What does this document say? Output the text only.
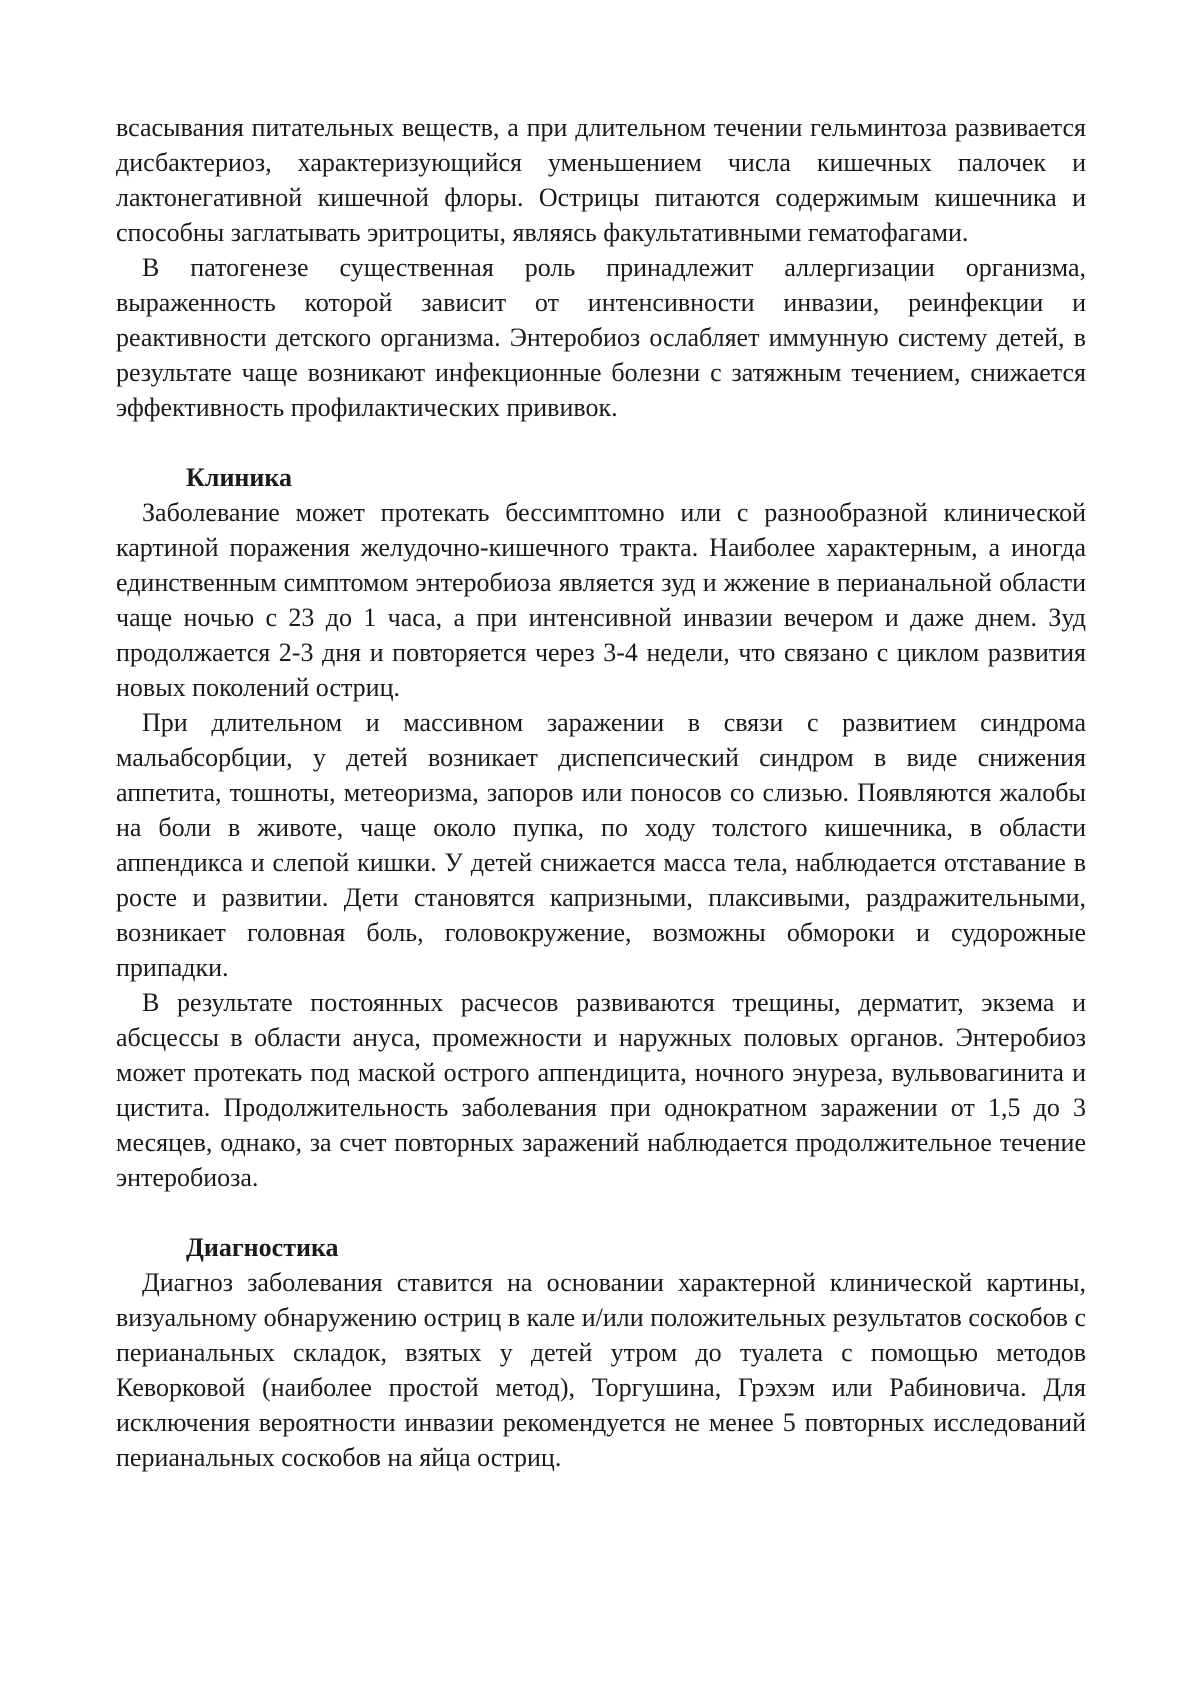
всасывания питательных веществ, а при длительном течении гельминтоза развивается дисбактериоз, характеризующийся уменьшением числа кишечных палочек и лактонегативной кишечной флоры. Острицы питаются содержимым кишечника и способны заглатывать эритроциты, являясь факультативными гематофагами.

В патогенезе существенная роль принадлежит аллергизации организма, выраженность которой зависит от интенсивности инвазии, реинфекции и реактивности детского организма. Энтеробиоз ослабляет иммунную систему детей, в результате чаще возникают инфекционные болезни с затяжным течением, снижается эффективность профилактических прививок.

Клиника

Заболевание может протекать бессимптомно или с разнообразной клинической картиной поражения желудочно-кишечного тракта. Наиболее характерным, а иногда единственным симптомом энтеробиоза является зуд и жжение в перианальной области чаще ночью с 23 до 1 часа, а при интенсивной инвазии вечером и даже днем. Зуд продолжается 2-3 дня и повторяется через 3-4 недели, что связано с циклом развития новых поколений остриц.

При длительном и массивном заражении в связи с развитием синдрома мальабсорбции, у детей возникает диспепсический синдром в виде снижения аппетита, тошноты, метеоризма, запоров или поносов со слизью. Появляются жалобы на боли в животе, чаще около пупка, по ходу толстого кишечника, в области аппендикса и слепой кишки. У детей снижается масса тела, наблюдается отставание в росте и развитии. Дети становятся капризными, плаксивыми, раздражительными, возникает головная боль, головокружение, возможны обмороки и судорожные припадки.

В результате постоянных расчесов развиваются трещины, дерматит, экзема и абсцессы в области ануса, промежности и наружных половых органов. Энтеробиоз может протекать под маской острого аппендицита, ночного энуреза, вульвовагинита и цистита. Продолжительность заболевания при однократном заражении от 1,5 до 3 месяцев, однако, за счет повторных заражений наблюдается продолжительное течение энтеробиоза.

Диагностика

Диагноз заболевания ставится на основании характерной клинической картины, визуальному обнаружению остриц в кале и/или положительных результатов соскобов с перианальных складок, взятых у детей утром до туалета с помощью методов Кеворковой (наиболее простой метод), Торгушина, Грэхэм или Рабиновича. Для исключения вероятности инвазии рекомендуется не менее 5 повторных исследований перианальных соскобов на яйца остриц.
